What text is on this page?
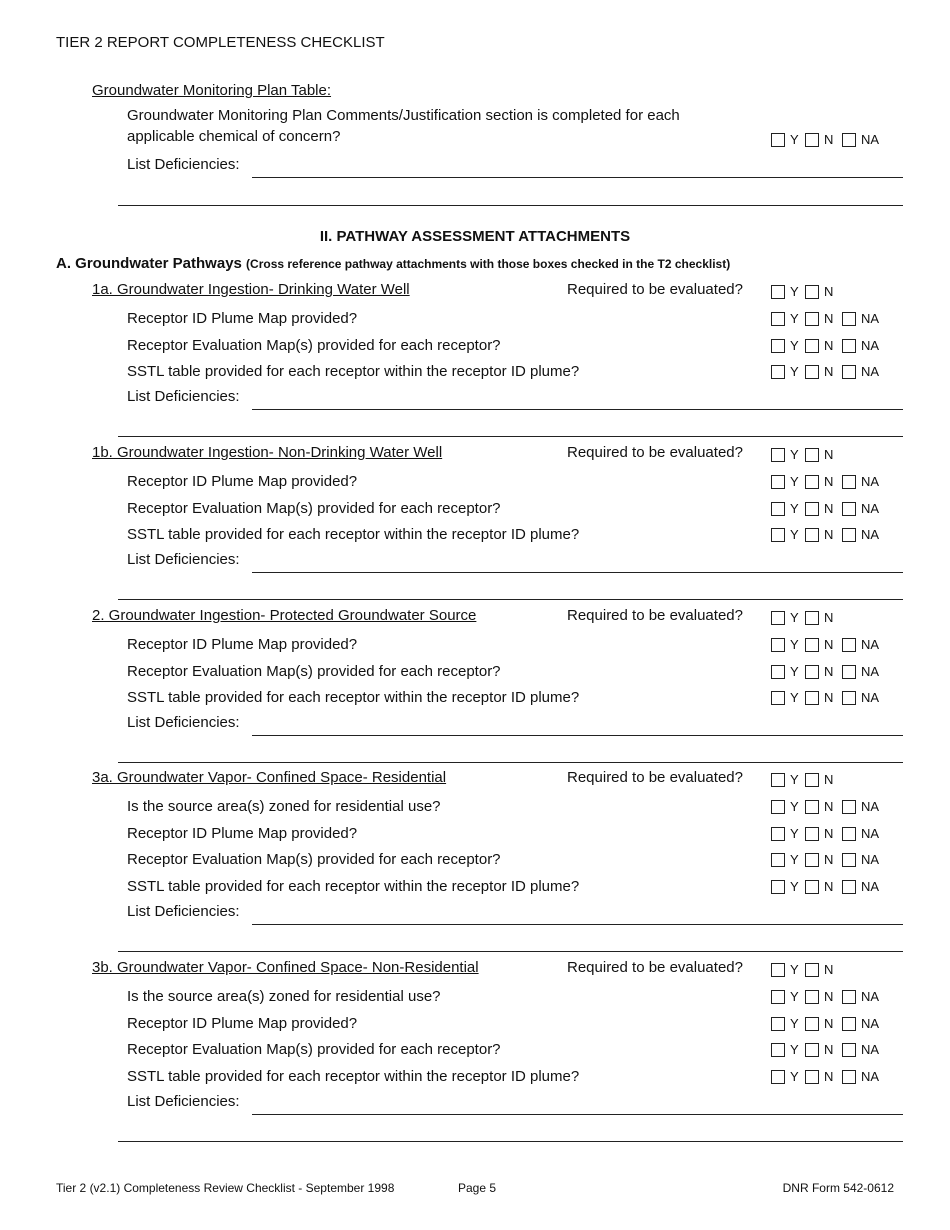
TIER 2 REPORT COMPLETENESS CHECKLIST
Groundwater Monitoring Plan Table:
Groundwater Monitoring Plan Comments/Justification section is completed for each applicable chemical of concern?	Y	N	NA
List Deficiencies:
II. PATHWAY ASSESSMENT ATTACHMENTS
A. Groundwater Pathways (Cross reference pathway attachments with those boxes checked in the T2 checklist)
1a. Groundwater Ingestion- Drinking Water Well	Required to be evaluated?	Y	N
Receptor ID Plume Map provided?	Y	N	NA
Receptor Evaluation Map(s) provided for each receptor?	Y	N	NA
SSTL table provided for each receptor within the receptor ID plume?	Y	N	NA
List Deficiencies:
1b. Groundwater Ingestion- Non-Drinking Water Well	Required to be evaluated?	Y	N
Receptor ID Plume Map provided?	Y	N	NA
Receptor Evaluation Map(s) provided for each receptor?	Y	N	NA
SSTL table provided for each receptor within the receptor ID plume?	Y	N	NA
List Deficiencies:
2. Groundwater Ingestion- Protected Groundwater Source	Required to be evaluated?	Y	N
Receptor ID Plume Map provided?	Y	N	NA
Receptor Evaluation Map(s) provided for each receptor?	Y	N	NA
SSTL table provided for each receptor within the receptor ID plume?	Y	N	NA
List Deficiencies:
3a. Groundwater Vapor- Confined Space- Residential	Required to be evaluated?	Y	N
Is the source area(s) zoned for residential use?	Y	N	NA
Receptor ID Plume Map provided?	Y	N	NA
Receptor Evaluation Map(s) provided for each receptor?	Y	N	NA
SSTL table provided for each receptor within the receptor ID plume?	Y	N	NA
List Deficiencies:
3b. Groundwater Vapor- Confined Space- Non-Residential	Required to be evaluated?	Y	N
Is the source area(s) zoned for residential use?	Y	N	NA
Receptor ID Plume Map provided?	Y	N	NA
Receptor Evaluation Map(s) provided for each receptor?	Y	N	NA
SSTL table provided for each receptor within the receptor ID plume?	Y	N	NA
List Deficiencies:
Tier 2 (v2.1) Completeness Review Checklist - September 1998	Page 5	DNR Form 542-0612
